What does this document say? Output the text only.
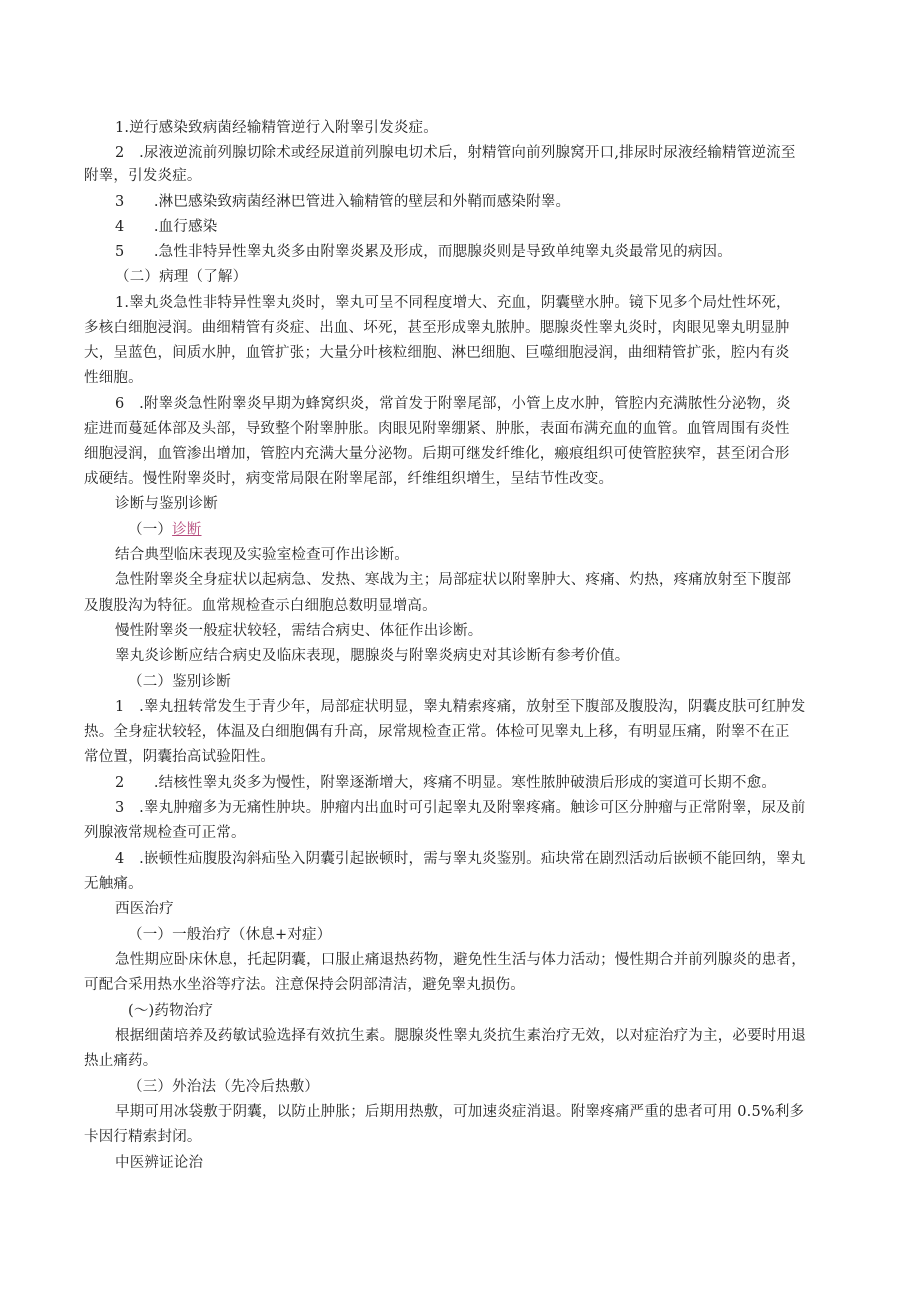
1.逆行感染致病菌经输精管逆行入附睾引发炎症。
2　.尿液逆流前列腺切除术或经尿道前列腺电切术后，射精管向前列腺窝开口,排尿时尿液经输精管逆流至
附睾，引发炎症。
3　　.淋巴感染致病菌经淋巴管进入输精管的壁层和外鞘而感染附睾。
4　　.血行感染
5　　.急性非特异性睾丸炎多由附睾炎累及形成，而腮腺炎则是导致单纯睾丸炎最常见的病因。
（二）病理（了解）
1.睾丸炎急性非特异性睾丸炎时，睾丸可呈不同程度增大、充血，阴囊壁水肿。镜下见多个局灶性坏死，
多核白细胞浸润。曲细精管有炎症、出血、坏死，甚至形成睾丸脓肿。腮腺炎性睾丸炎时，肉眼见睾丸明显肿
大，呈蓝色，间质水肿，血管扩张；大量分叶核粒细胞、淋巴细胞、巨噬细胞浸润，曲细精管扩张，腔内有炎
性细胞。
6　.附睾炎急性附睾炎早期为蜂窝织炎，常首发于附睾尾部，小管上皮水肿，管腔内充满脓性分泌物，炎
症进而蔓延体部及头部，导致整个附睾肿胀。肉眼见附睾绷紧、肿胀，表面布满充血的血管。血管周围有炎性
细胞浸润，血管渗出增加，管腔内充满大量分泌物。后期可继发纤维化，瘢痕组织可使管腔狭窄，甚至闭合形
成硬结。慢性附睾炎时，病变常局限在附睾尾部，纤维组织增生，呈结节性改变。
诊断与鉴别诊断
（一）诊断
结合典型临床表现及实验室检查可作出诊断。
急性附睾炎全身症状以起病急、发热、寒战为主；局部症状以附睾肿大、疼痛、灼热，疼痛放射至下腹部
及腹股沟为特征。血常规检查示白细胞总数明显增高。
慢性附睾炎一般症状较轻，需结合病史、体征作出诊断。
睾丸炎诊断应结合病史及临床表现，腮腺炎与附睾炎病史对其诊断有参考价值。
（二）鉴别诊断
1　.睾丸扭转常发生于青少年，局部症状明显，睾丸精索疼痛，放射至下腹部及腹股沟，阴囊皮肤可红肿发
热。全身症状较轻，体温及白细胞偶有升高，尿常规检查正常。体检可见睾丸上移，有明显压痛，附睾不在正
常位置，阴囊抬高试验阳性。
2　　.结核性睾丸炎多为慢性，附睾逐渐增大，疼痛不明显。寒性脓肿破溃后形成的窦道可长期不愈。
3　.睾丸肿瘤多为无痛性肿块。肿瘤内出血时可引起睾丸及附睾疼痛。触诊可区分肿瘤与正常附睾，尿及前
列腺液常规检查可正常。
4　.嵌顿性疝腹股沟斜疝坠入阴囊引起嵌顿时，需与睾丸炎鉴别。疝块常在剧烈活动后嵌顿不能回纳，睾丸
无触痛。
西医治疗
（一）一般治疗（休息+对症）
急性期应卧床休息，托起阴囊，口服止痛退热药物，避免性生活与体力活动；慢性期合并前列腺炎的患者，
可配合采用热水坐浴等疗法。注意保持会阴部清洁，避免睾丸损伤。
(〜)药物治疗
根据细菌培养及药敏试验选择有效抗生素。腮腺炎性睾丸炎抗生素治疗无效，以对症治疗为主，必要时用退
热止痛药。
（三）外治法（先冷后热敷）
早期可用冰袋敷于阴囊，以防止肿胀；后期用热敷，可加速炎症消退。附睾疼痛严重的患者可用 0.5%利多
卡因行精索封闭。
中医辨证论治
